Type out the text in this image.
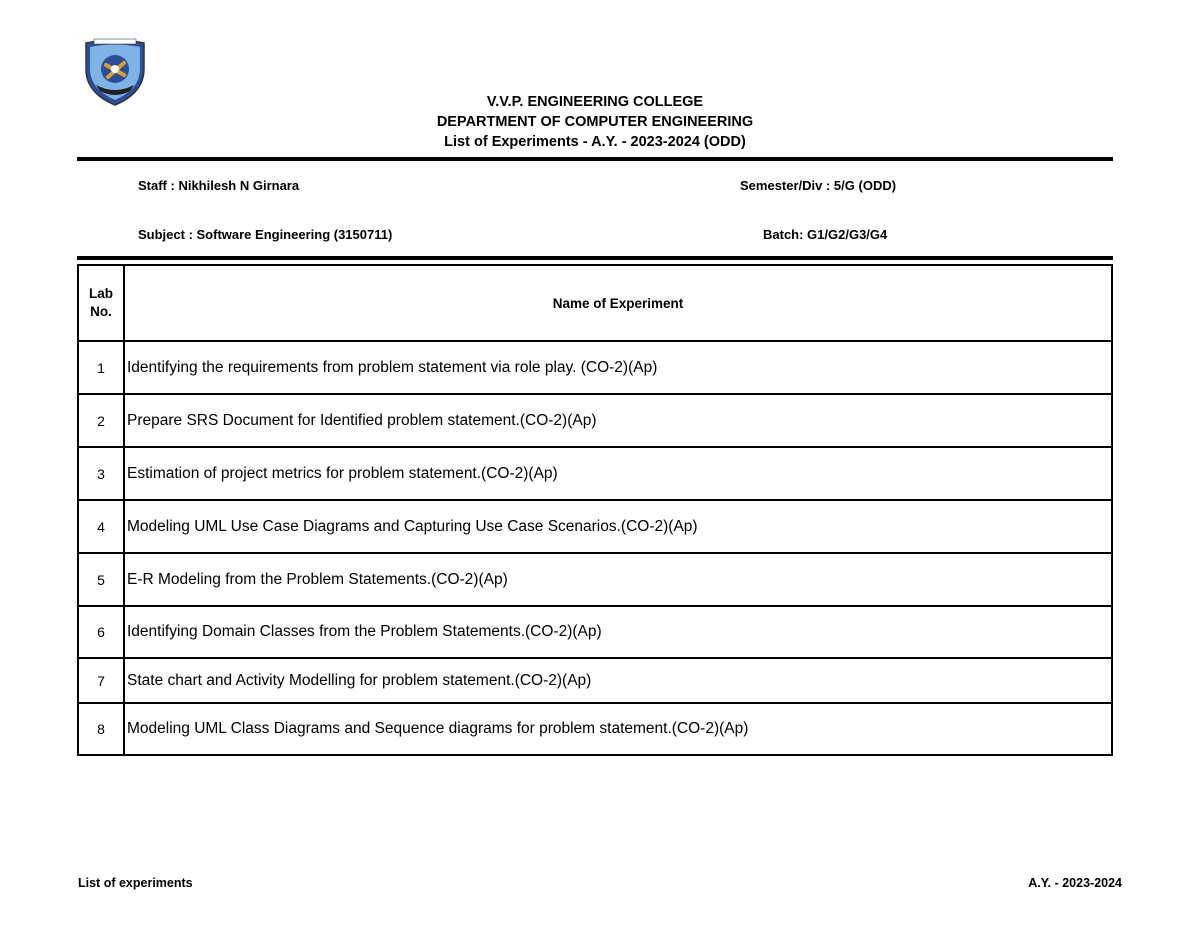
V.V.P. ENGINEERING COLLEGE
DEPARTMENT OF COMPUTER ENGINEERING
List of Experiments - A.Y. - 2023-2024 (ODD)
Staff : Nikhilesh N Girnara	Semester/Div : 5/G (ODD)
Subject : Software Engineering (3150711)	Batch: G1/G2/G3/G4
Lab
No.	Name of Experiment
1	Identifying the requirements from problem statement via role play. (CO-2)(Ap)
2	Prepare SRS Document for Identified problem statement.(CO-2)(Ap)
3	Estimation of project metrics for problem statement.(CO-2)(Ap)
4	Modeling UML Use Case Diagrams and Capturing Use Case Scenarios.(CO-2)(Ap)
5	E-R Modeling from the Problem Statements.(CO-2)(Ap)
6	Identifying Domain Classes from the Problem Statements.(CO-2)(Ap)
7	State chart and Activity Modelling for problem statement.(CO-2)(Ap)
8	Modeling UML Class Diagrams and Sequence diagrams for problem statement.(CO-2)(Ap)
List of experiments	A.Y. - 2023-2024
